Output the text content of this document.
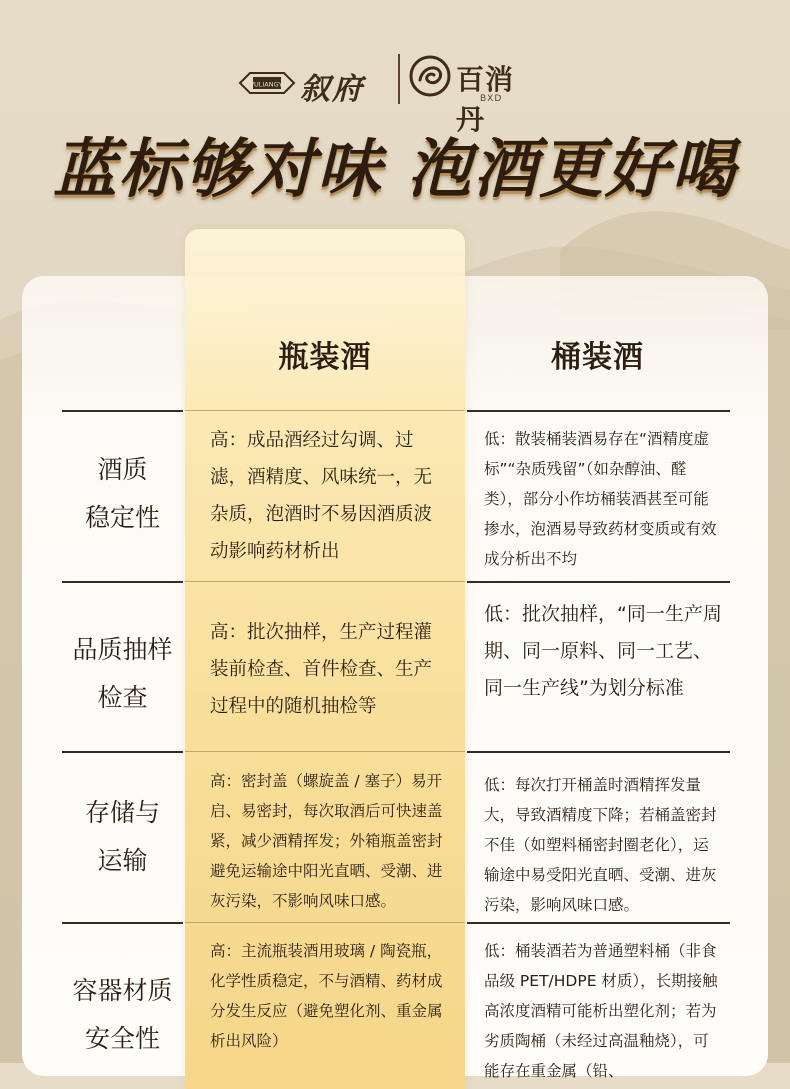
WULIANGYE 叙府	百消丹
BXD
蓝标够对味 泡酒更好喝
瓶装酒	桶装酒
酒质
稳定性
高：成品酒经过勾调、过滤，酒精度、风味统一，无杂质，泡酒时不易因酒质波动影响药材析出
低：散装桶装酒易存在“酒精度虚标”“杂质残留”（如杂醇油、醛类），部分小作坊桶装酒甚至可能掺水，泡酒易导致药材变质或有效成分析出不均
品质抽样
检查
高：批次抽样，生产过程灌装前检查、首件检查、生产过程中的随机抽检等
低：批次抽样，“同一生产周期、同一原料、同一工艺、同一生产线”为划分标准
存储与
运输
高：密封盖（螺旋盖 / 塞子）易开启、易密封，每次取酒后可快速盖紧，减少酒精挥发；外箱瓶盖密封避免运输途中阳光直晒、受潮、进灰污染，不影响风味口感。
低：每次打开桶盖时酒精挥发量大，导致酒精度下降；若桶盖密封不佳（如塑料桶密封圈老化），运输途中易受阳光直晒、受潮、进灰污染，影响风味口感。
容器材质
安全性
高：主流瓶装酒用玻璃 / 陶瓷瓶，化学性质稳定，不与酒精、药材成分发生反应（避免塑化剂、重金属析出风险）
低：桶装酒若为普通塑料桶（非食品级 PET/HDPE 材质），长期接触高浓度酒精可能析出塑化剂；若为劣质陶桶（未经过高温釉烧），可能存在重金属（铅、
